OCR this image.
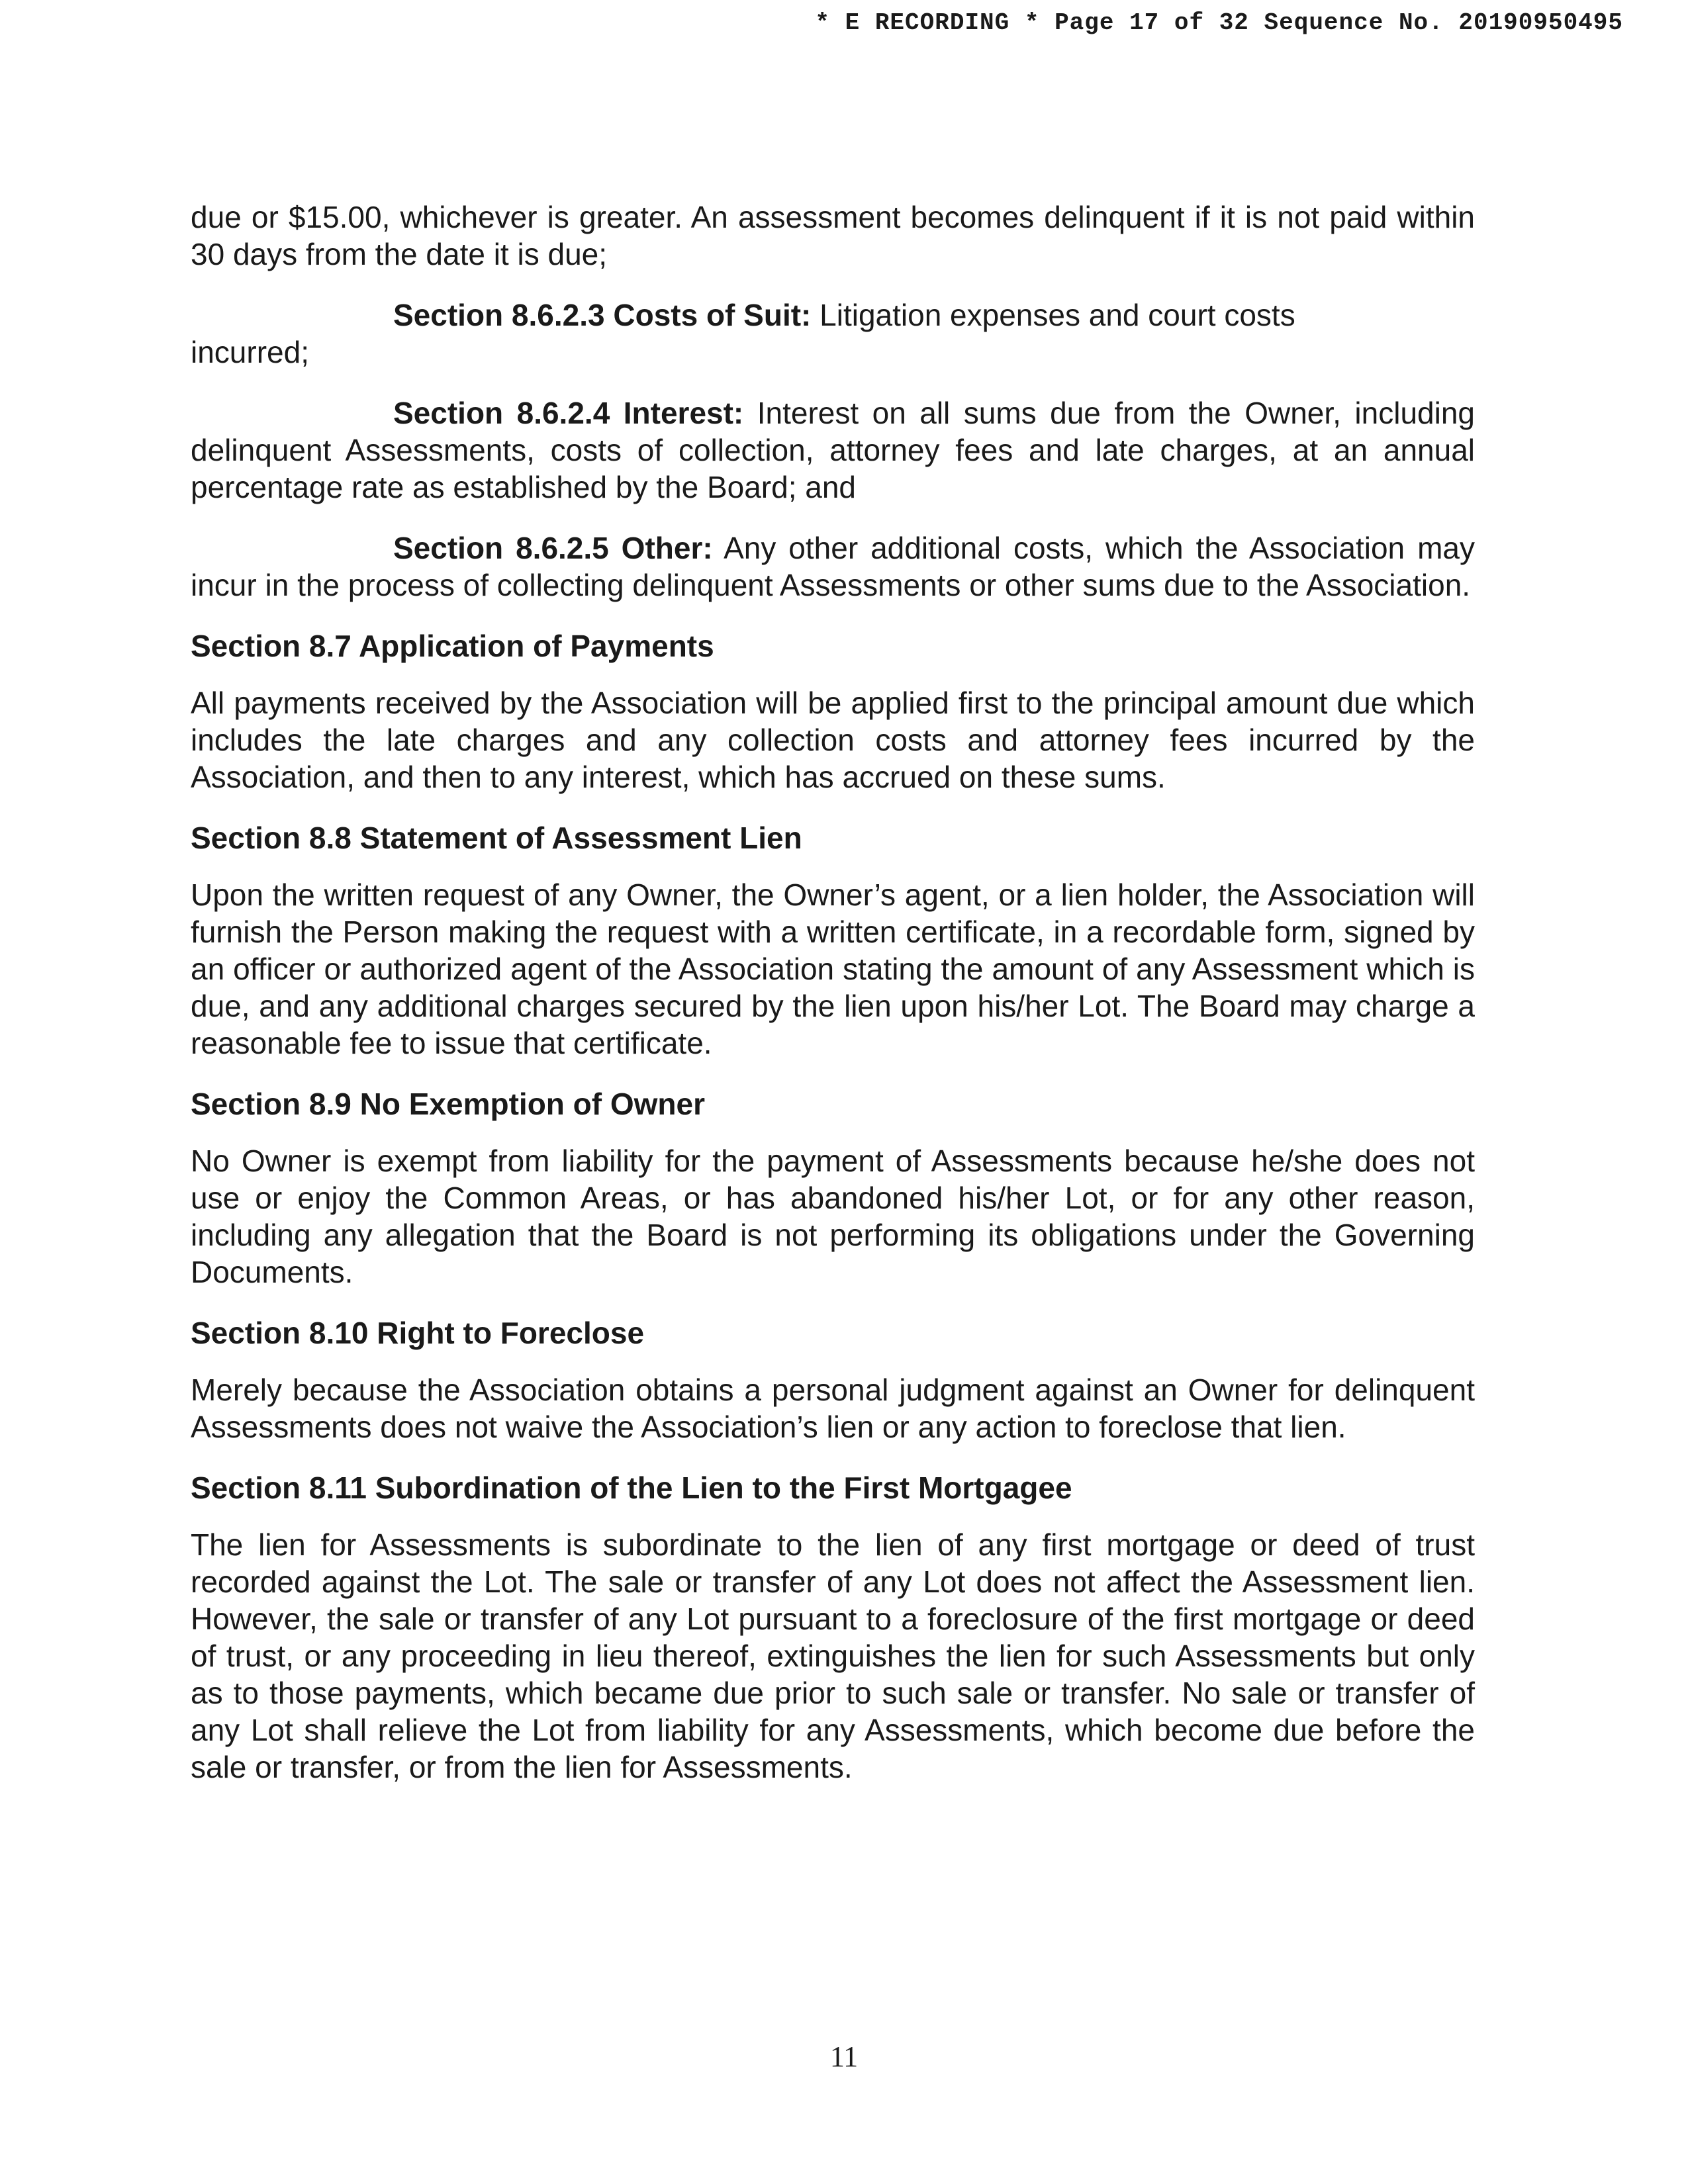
* E RECORDING * Page 17 of 32 Sequence No. 20190950495

due or $15.00, whichever is greater. An assessment becomes delinquent if it is not paid within 30 days from the date it is due;

Section 8.6.2.3 Costs of Suit: Litigation expenses and court costs
incurred;

Section 8.6.2.4 Interest: Interest on all sums due from the Owner, including delinquent Assessments, costs of collection, attorney fees and late charges, at an annual percentage rate as established by the Board; and

Section 8.6.2.5 Other: Any other additional costs, which the Association may incur in the process of collecting delinquent Assessments or other sums due to the Association.

Section 8.7 Application of Payments

All payments received by the Association will be applied first to the principal amount due which includes the late charges and any collection costs and attorney fees incurred by the Association, and then to any interest, which has accrued on these sums.

Section 8.8 Statement of Assessment Lien

Upon the written request of any Owner, the Owner’s agent, or a lien holder, the Association will furnish the Person making the request with a written certificate, in a recordable form, signed by an officer or authorized agent of the Association stating the amount of any Assessment which is due, and any additional charges secured by the lien upon his/her Lot. The Board may charge a reasonable fee to issue that certificate.

Section 8.9 No Exemption of Owner

No Owner is exempt from liability for the payment of Assessments because he/she does not use or enjoy the Common Areas, or has abandoned his/her Lot, or for any other reason, including any allegation that the Board is not performing its obligations under the Governing Documents.

Section 8.10 Right to Foreclose

Merely because the Association obtains a personal judgment against an Owner for delinquent Assessments does not waive the Association’s lien or any action to foreclose that lien.

Section 8.11 Subordination of the Lien to the First Mortgagee

The lien for Assessments is subordinate to the lien of any first mortgage or deed of trust recorded against the Lot. The sale or transfer of any Lot does not affect the Assessment lien. However, the sale or transfer of any Lot pursuant to a foreclosure of the first mortgage or deed of trust, or any proceeding in lieu thereof, extinguishes the lien for such Assessments but only as to those payments, which became due prior to such sale or transfer. No sale or transfer of any Lot shall relieve the Lot from liability for any Assessments, which become due before the sale or transfer, or from the lien for Assessments.

11
